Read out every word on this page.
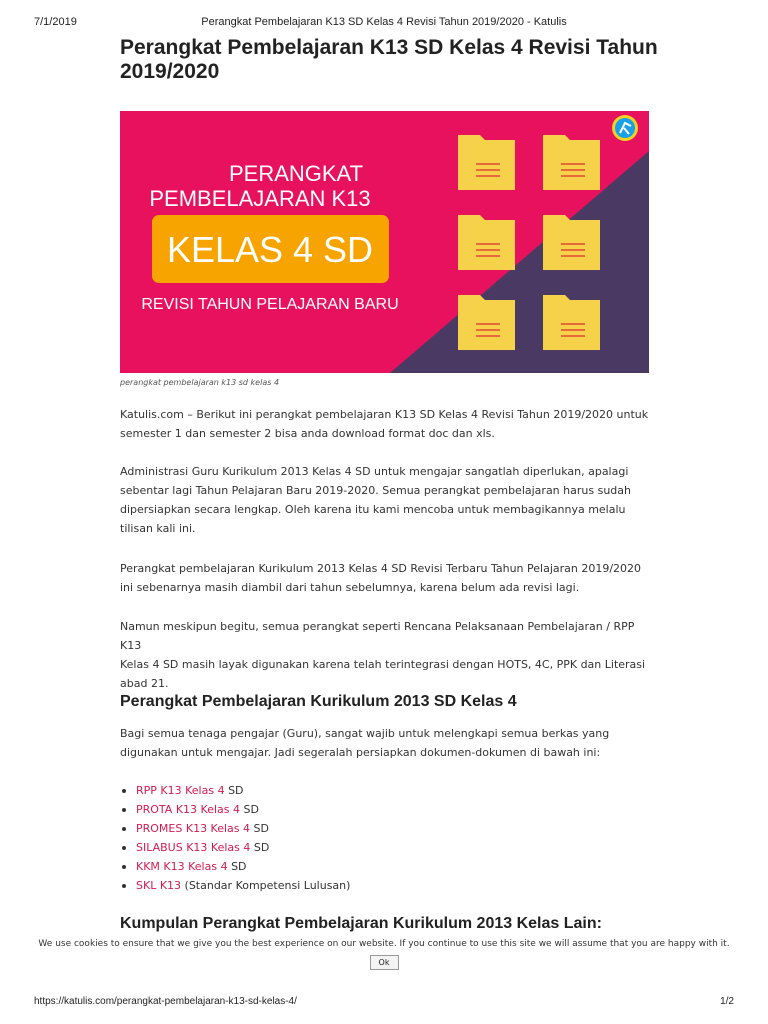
7/1/2019	Perangkat Pembelajaran K13 SD Kelas 4 Revisi Tahun 2019/2020 - Katulis
Perangkat Pembelajaran K13 SD Kelas 4 Revisi Tahun 2019/2020
PERANGKAT
PEMBELAJARAN K13
KELAS 4 SD
REVISI TAHUN PELAJARAN BARU
perangkat pembelajaran k13 sd kelas 4
Katulis.com – Berikut ini perangkat pembelajaran K13 SD Kelas 4 Revisi Tahun 2019/2020 untuk
semester 1 dan semester 2 bisa anda download format doc dan xls.
Administrasi Guru Kurikulum 2013 Kelas 4 SD untuk mengajar sangatlah diperlukan, apalagi
sebentar lagi Tahun Pelajaran Baru 2019-2020. Semua perangkat pembelajaran harus sudah
dipersiapkan secara lengkap. Oleh karena itu kami mencoba untuk membagikannya melalu
tilisan kali ini.
Perangkat pembelajaran Kurikulum 2013 Kelas 4 SD Revisi Terbaru Tahun Pelajaran 2019/2020
ini sebenarnya masih diambil dari tahun sebelumnya, karena belum ada revisi lagi.
Namun meskipun begitu, semua perangkat seperti Rencana Pelaksanaan Pembelajaran / RPP K13
Kelas 4 SD masih layak digunakan karena telah terintegrasi dengan HOTS, 4C, PPK dan Literasi
abad 21.
Perangkat Pembelajaran Kurikulum 2013 SD Kelas 4
Bagi semua tenaga pengajar (Guru), sangat wajib untuk melengkapi semua berkas yang
digunakan untuk mengajar. Jadi segeralah persiapkan dokumen-dokumen di bawah ini:
RPP K13 Kelas 4 SD
PROTA K13 Kelas 4 SD
PROMES K13 Kelas 4 SD
SILABUS K13 Kelas 4 SD
KKM K13 Kelas 4 SD
SKL K13 (Standar Kompetensi Lulusan)
Kumpulan Perangkat Pembelajaran Kurikulum 2013 Kelas Lain:
We use cookies to ensure that we give you the best experience on our website. If you continue to use this site we will assume that you are happy with it.
Ok
https://katulis.com/perangkat-pembelajaran-k13-sd-kelas-4/	1/2
